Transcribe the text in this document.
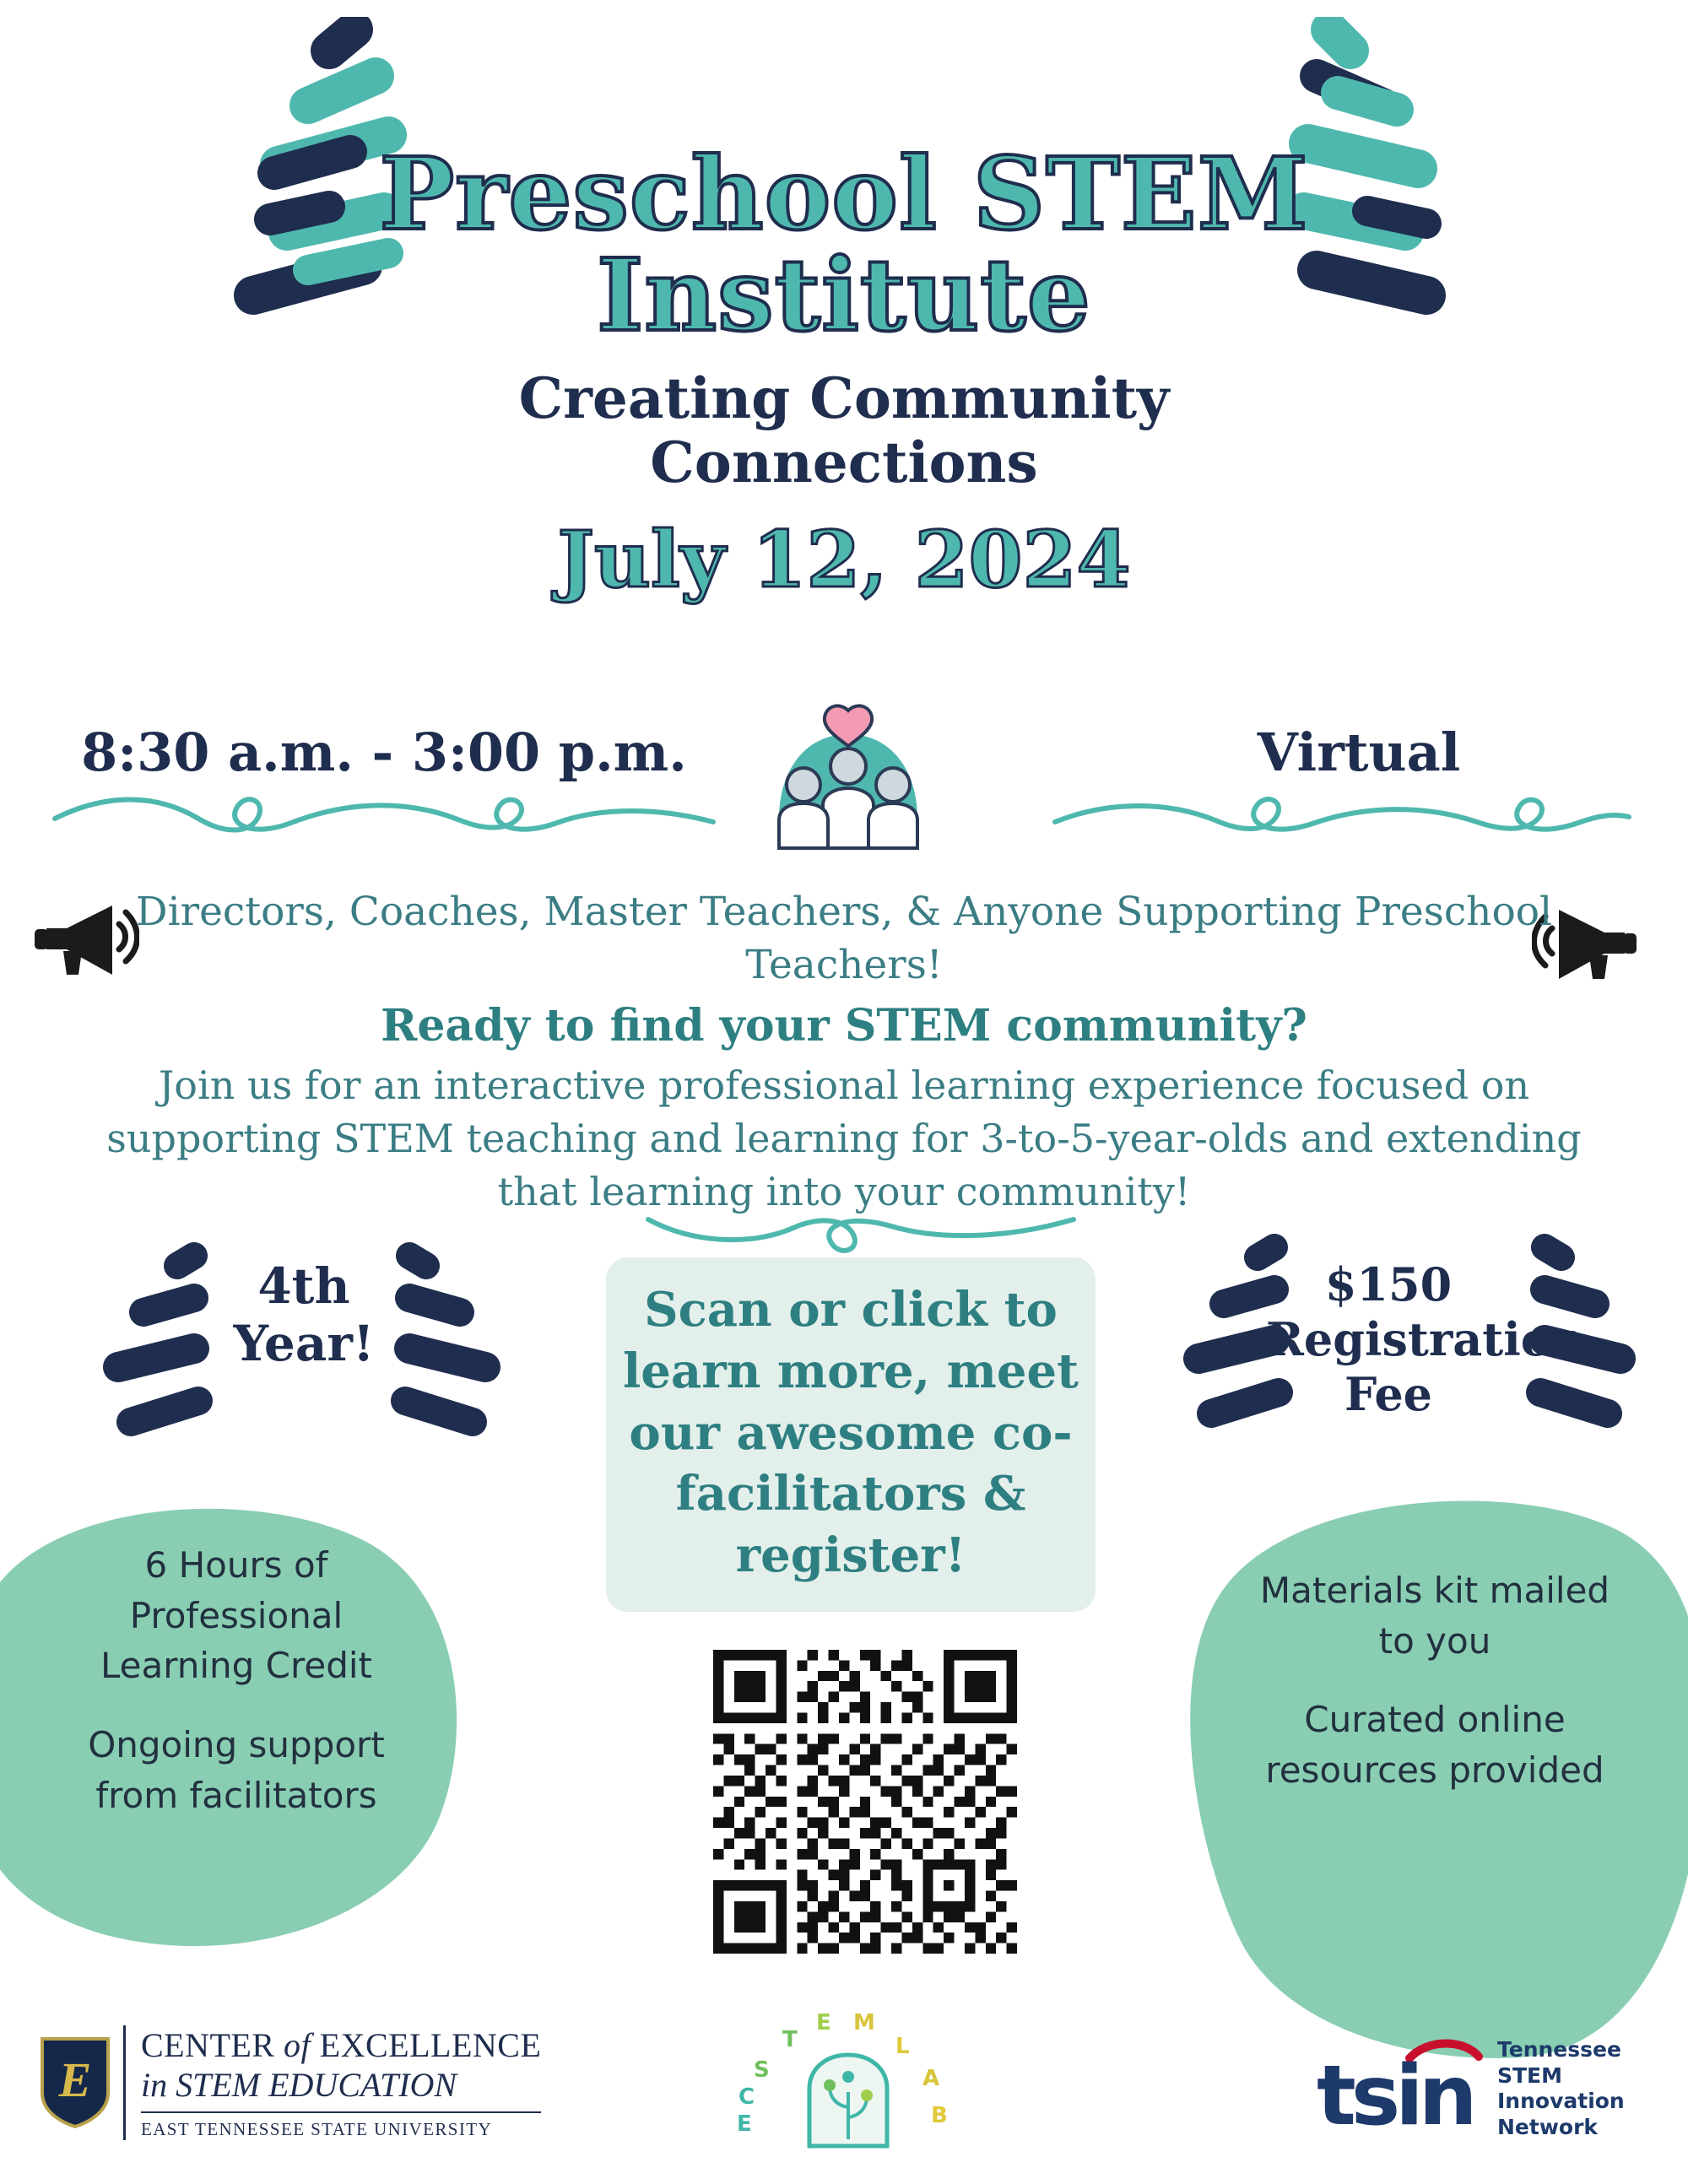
Preschool STEM
Institute
Creating Community
Connections
July 12, 2024
8:30 a.m. - 3:00 p.m.	Virtual
Directors, Coaches, Master Teachers, & Anyone Supporting Preschool Teachers!
Ready to find your STEM community?
Join us for an interactive professional learning experience focused on supporting STEM teaching and learning for 3-to-5-year-olds and extending that learning into your community!
4th
Year!
$150
Registration
Fee
6 Hours of Professional Learning Credit
Ongoing support from facilitators
Materials kit mailed to you
Curated online resources provided
Scan or click to learn more, meet our awesome co-facilitators & register!
E
CENTER of EXCELLENCE
in STEM EDUCATION
EAST TENNESSEE STATE UNIVERSITY	E
C
S
T
E M
L
A
B	tsin Tennessee
STEM
Innovation
Network
